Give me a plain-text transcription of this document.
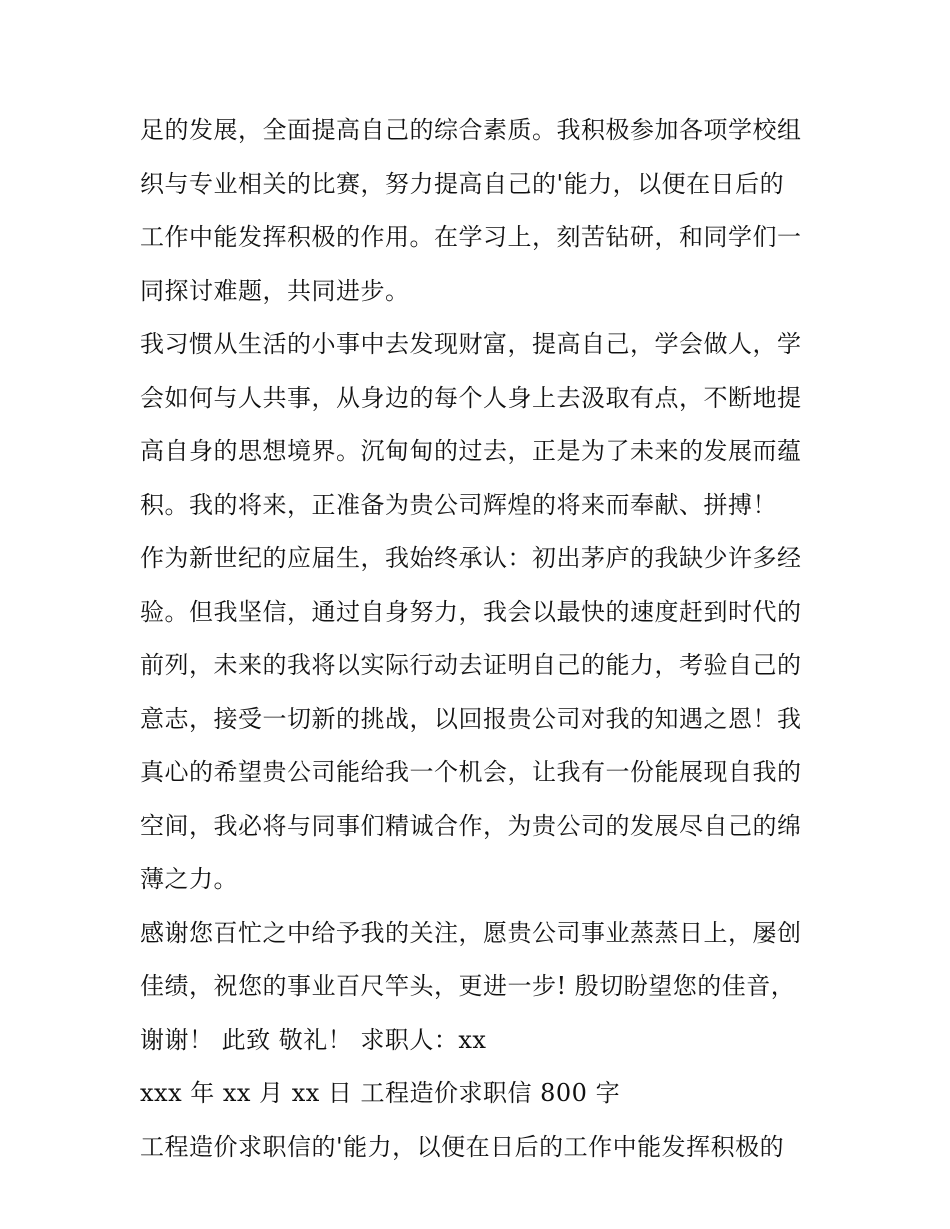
足的发展，全面提高自己的综合素质。我积极参加各项学校组
织与专业相关的比赛，努力提高自己的'能力，以便在日后的
工作中能发挥积极的作用。在学习上，刻苦钻研，和同学们一
同探讨难题，共同进步。
我习惯从生活的小事中去发现财富，提高自己，学会做人，学
会如何与人共事，从身边的每个人身上去汲取有点，不断地提
高自身的思想境界。沉甸甸的过去，正是为了未来的发展而蕴
积。我的将来，正准备为贵公司辉煌的将来而奉献、拼搏！
作为新世纪的应届生，我始终承认：初出茅庐的我缺少许多经
验。但我坚信，通过自身努力，我会以最快的速度赶到时代的
前列，未来的我将以实际行动去证明自己的能力，考验自己的
意志，接受一切新的挑战，以回报贵公司对我的知遇之恩！我
真心的希望贵公司能给我一个机会，让我有一份能展现自我的
空间，我必将与同事们精诚合作，为贵公司的发展尽自己的绵
薄之力。
感谢您百忙之中给予我的关注，愿贵公司事业蒸蒸日上，屡创
佳绩，祝您的事业百尺竿头，更进一步! 殷切盼望您的佳音，
谢谢！ 此致 敬礼！ 求职人：xx
xxx 年 xx 月 xx 日 工程造价求职信 800 字
工程造价求职信的'能力，以便在日后的工作中能发挥积极的
